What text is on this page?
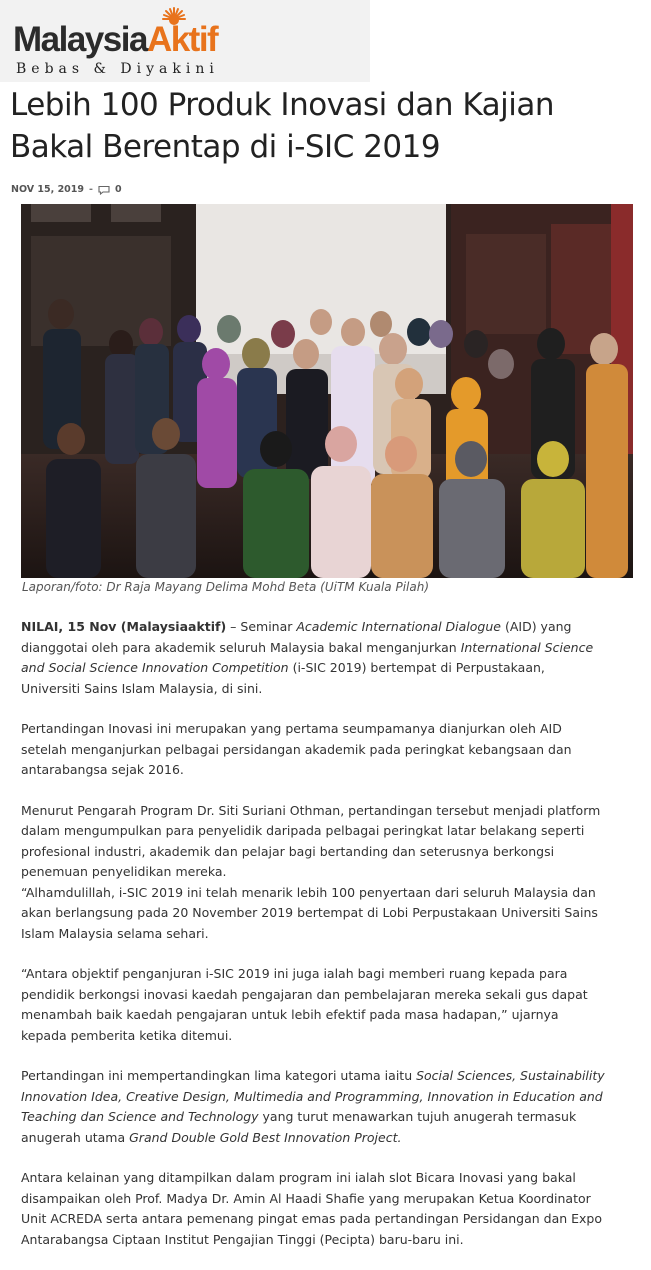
MalaysiaAktif
Bebas & Diyakini
Lebih 100 Produk Inovasi dan Kajian Bakal Berentap di i-SIC 2019
NOV 15, 2019 - 0
Laporan/foto: Dr Raja Mayang Delima Mohd Beta (UiTM Kuala Pilah)

NILAI, 15 Nov (Malaysiaaktif) – Seminar Academic International Dialogue (AID) yang dianggotai oleh para akademik seluruh Malaysia bakal menganjurkan International Science and Social Science Innovation Competition (i-SIC 2019) bertempat di Perpustakaan, Universiti Sains Islam Malaysia, di sini.

Pertandingan Inovasi ini merupakan yang pertama seumpamanya dianjurkan oleh AID setelah menganjurkan pelbagai persidangan akademik pada peringkat kebangsaan dan antarabangsa sejak 2016.

Menurut Pengarah Program Dr. Siti Suriani Othman, pertandingan tersebut menjadi platform dalam mengumpulkan para penyelidik daripada pelbagai peringkat latar belakang seperti profesional industri, akademik dan pelajar bagi bertanding dan seterusnya berkongsi penemuan penyelidikan mereka.

“Alhamdulillah, i-SIC 2019 ini telah menarik lebih 100 penyertaan dari seluruh Malaysia dan akan berlangsung pada 20 November 2019 bertempat di Lobi Perpustakaan Universiti Sains Islam Malaysia selama sehari.

“Antara objektif penganjuran i-SIC 2019 ini juga ialah bagi memberi ruang kepada para pendidik berkongsi inovasi kaedah pengajaran dan pembelajaran mereka sekali gus dapat menambah baik kaedah pengajaran untuk lebih efektif pada masa hadapan,” ujarnya kepada pemberita ketika ditemui.

Pertandingan ini mempertandingkan lima kategori utama iaitu Social Sciences, Sustainability Innovation Idea, Creative Design, Multimedia and Programming, Innovation in Education and Teaching dan Science and Technology yang turut menawarkan tujuh anugerah termasuk anugerah utama Grand Double Gold Best Innovation Project.

Antara kelainan yang ditampilkan dalam program ini ialah slot Bicara Inovasi yang bakal disampaikan oleh Prof. Madya Dr. Amin Al Haadi Shafie yang merupakan Ketua Koordinator Unit ACREDA serta antara pemenang pingat emas pada pertandingan Persidangan dan Expo Antarabangsa Ciptaan Institut Pengajian Tinggi (Pecipta) baru-baru ini.
